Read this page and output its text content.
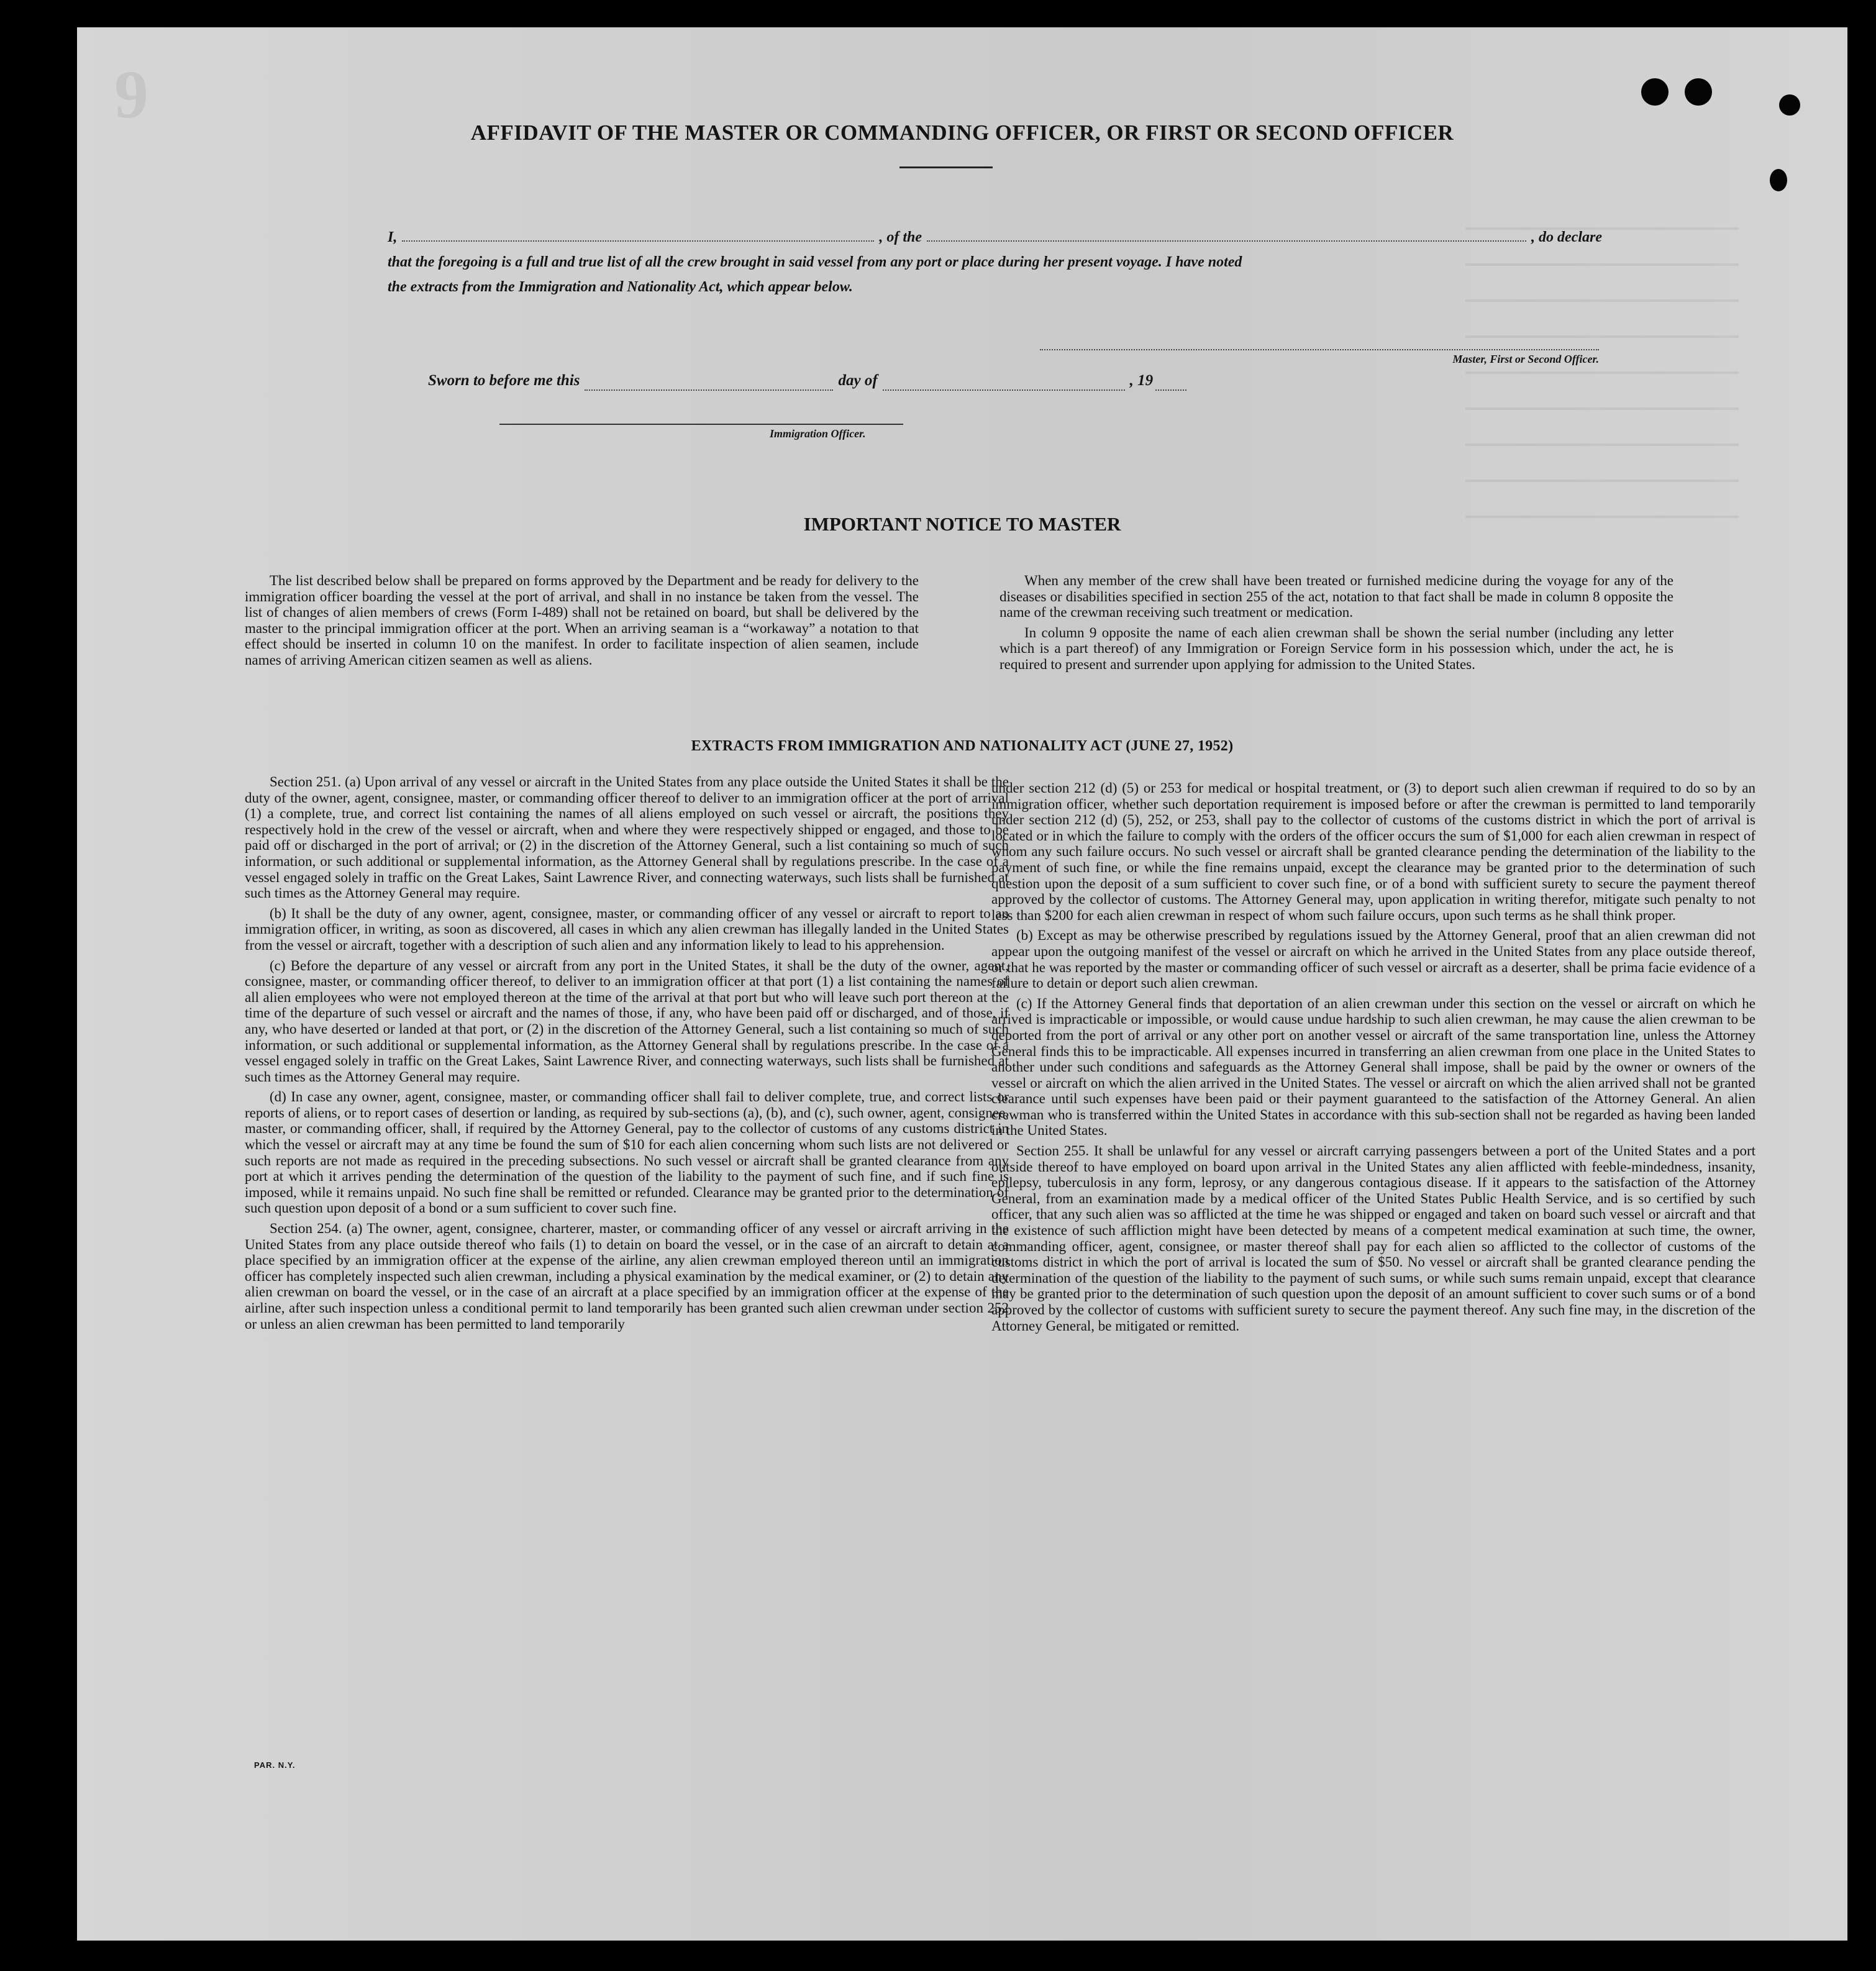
9
AFFIDAVIT OF THE MASTER OR COMMANDING OFFICER, OR FIRST OR SECOND OFFICER
I,	, of the	, do declare
that the foregoing is a full and true list of all the crew brought in said vessel from any port or place during her present voyage. I have noted
the extracts from the Immigration and Nationality Act, which appear below.
Master, First or Second Officer.
Sworn to before me this
	day of
	, 19

Immigration Officer.
IMPORTANT NOTICE TO MASTER

The list described below shall be prepared on forms approved by the Department and be ready for delivery to the immigration officer boarding the vessel at the port of arrival, and shall in no instance be taken from the vessel. The list of changes of alien members of crews (Form I-489) shall not be retained on board, but shall be delivered by the master to the principal immigration officer at the port. When an arriving seaman is a “workaway” a notation to that effect should be inserted in column 10 on the manifest. In order to facilitate inspection of alien seamen, include names of arriving American citizen seamen as well as aliens.

When any member of the crew shall have been treated or furnished medicine during the voyage for any of the diseases or disabilities specified in section 255 of the act, notation to that fact shall be made in column 8 opposite the name of the crewman receiving such treatment or medication.

In column 9 opposite the name of each alien crewman shall be shown the serial number (including any letter which is a part thereof) of any Immigration or Foreign Service form in his possession which, under the act, he is required to present and surrender upon applying for admission to the United States.

EXTRACTS FROM IMMIGRATION AND NATIONALITY ACT (JUNE 27, 1952)

Section 251. (a) Upon arrival of any vessel or aircraft in the United States from any place outside the United States it shall be the duty of the owner, agent, consignee, master, or commanding officer thereof to deliver to an immigration officer at the port of arrival (1) a complete, true, and correct list containing the names of all aliens employed on such vessel or aircraft, the positions they respectively hold in the crew of the vessel or aircraft, when and where they were respectively shipped or engaged, and those to be paid off or discharged in the port of arrival; or (2) in the discretion of the Attorney General, such a list containing so much of such information, or such additional or supplemental information, as the Attorney General shall by regulations prescribe. In the case of a vessel engaged solely in traffic on the Great Lakes, Saint Lawrence River, and connecting waterways, such lists shall be furnished at such times as the Attorney General may require.

(b) It shall be the duty of any owner, agent, consignee, master, or commanding officer of any vessel or aircraft to report to an immigration officer, in writing, as soon as discovered, all cases in which any alien crewman has illegally landed in the United States from the vessel or aircraft, together with a description of such alien and any information likely to lead to his apprehension.

(c) Before the departure of any vessel or aircraft from any port in the United States, it shall be the duty of the owner, agent, consignee, master, or commanding officer thereof, to deliver to an immigration officer at that port (1) a list containing the names of all alien employees who were not employed thereon at the time of the arrival at that port but who will leave such port thereon at the time of the departure of such vessel or aircraft and the names of those, if any, who have been paid off or discharged, and of those, if any, who have deserted or landed at that port, or (2) in the discretion of the Attorney General, such a list containing so much of such information, or such additional or supplemental information, as the Attorney General shall by regulations prescribe. In the case of a vessel engaged solely in traffic on the Great Lakes, Saint Lawrence River, and connecting waterways, such lists shall be furnished at such times as the Attorney General may require.

(d) In case any owner, agent, consignee, master, or commanding officer shall fail to deliver complete, true, and correct lists or reports of aliens, or to report cases of desertion or landing, as required by sub-sections (a), (b), and (c), such owner, agent, consignee, master, or commanding officer, shall, if required by the Attorney General, pay to the collector of customs of any customs district in which the vessel or aircraft may at any time be found the sum of $10 for each alien concerning whom such lists are not delivered or such reports are not made as required in the preceding subsections. No such vessel or aircraft shall be granted clearance from any port at which it arrives pending the determination of the question of the liability to the payment of such fine, and if such fine is imposed, while it remains unpaid. No such fine shall be remitted or refunded. Clearance may be granted prior to the determination of such question upon deposit of a bond or a sum sufficient to cover such fine.

Section 254. (a) The owner, agent, consignee, charterer, master, or commanding officer of any vessel or aircraft arriving in the United States from any place outside thereof who fails (1) to detain on board the vessel, or in the case of an aircraft to detain at a place specified by an immigration officer at the expense of the airline, any alien crewman employed thereon until an immigration officer has completely inspected such alien crewman, including a physical examination by the medical examiner, or (2) to detain any alien crewman on board the vessel, or in the case of an aircraft at a place specified by an immigration officer at the expense of the airline, after such inspection unless a conditional permit to land temporarily has been granted such alien crewman under section 252 or unless an alien crewman has been permitted to land temporarily

under section 212 (d) (5) or 253 for medical or hospital treatment, or (3) to deport such alien crewman if required to do so by an immigration officer, whether such deportation requirement is imposed before or after the crewman is permitted to land temporarily under section 212 (d) (5), 252, or 253, shall pay to the collector of customs of the customs district in which the port of arrival is located or in which the failure to comply with the orders of the officer occurs the sum of $1,000 for each alien crewman in respect of whom any such failure occurs. No such vessel or aircraft shall be granted clearance pending the determination of the liability to the payment of such fine, or while the fine remains unpaid, except the clearance may be granted prior to the determination of such question upon the deposit of a sum sufficient to cover such fine, or of a bond with sufficient surety to secure the payment thereof approved by the collector of customs. The Attorney General may, upon application in writing therefor, mitigate such penalty to not less than $200 for each alien crewman in respect of whom such failure occurs, upon such terms as he shall think proper.

(b) Except as may be otherwise prescribed by regulations issued by the Attorney General, proof that an alien crewman did not appear upon the outgoing manifest of the vessel or aircraft on which he arrived in the United States from any place outside thereof, or that he was reported by the master or commanding officer of such vessel or aircraft as a deserter, shall be prima facie evidence of a failure to detain or deport such alien crewman.

(c) If the Attorney General finds that deportation of an alien crewman under this section on the vessel or aircraft on which he arrived is impracticable or impossible, or would cause undue hardship to such alien crewman, he may cause the alien crewman to be deported from the port of arrival or any other port on another vessel or aircraft of the same transportation line, unless the Attorney General finds this to be impracticable. All expenses incurred in transferring an alien crewman from one place in the United States to another under such conditions and safeguards as the Attorney General shall impose, shall be paid by the owner or owners of the vessel or aircraft on which the alien arrived in the United States. The vessel or aircraft on which the alien arrived shall not be granted clearance until such expenses have been paid or their payment guaranteed to the satisfaction of the Attorney General. An alien crewman who is transferred within the United States in accordance with this sub-section shall not be regarded as having been landed in the United States.

Section 255. It shall be unlawful for any vessel or aircraft carrying passengers between a port of the United States and a port outside thereof to have employed on board upon arrival in the United States any alien afflicted with feeble-mindedness, insanity, epilepsy, tuberculosis in any form, leprosy, or any dangerous contagious disease. If it appears to the satisfaction of the Attorney General, from an examination made by a medical officer of the United States Public Health Service, and is so certified by such officer, that any such alien was so afflicted at the time he was shipped or engaged and taken on board such vessel or aircraft and that the existence of such affliction might have been detected by means of a competent medical examination at such time, the owner, commanding officer, agent, consignee, or master thereof shall pay for each alien so afflicted to the collector of customs of the customs district in which the port of arrival is located the sum of $50. No vessel or aircraft shall be granted clearance pending the determination of the question of the liability to the payment of such sums, or while such sums remain unpaid, except that clearance may be granted prior to the determination of such question upon the deposit of an amount sufficient to cover such sums or of a bond approved by the collector of customs with sufficient surety to secure the payment thereof. Any such fine may, in the discretion of the Attorney General, be mitigated or remitted.

PAR. N.Y.
